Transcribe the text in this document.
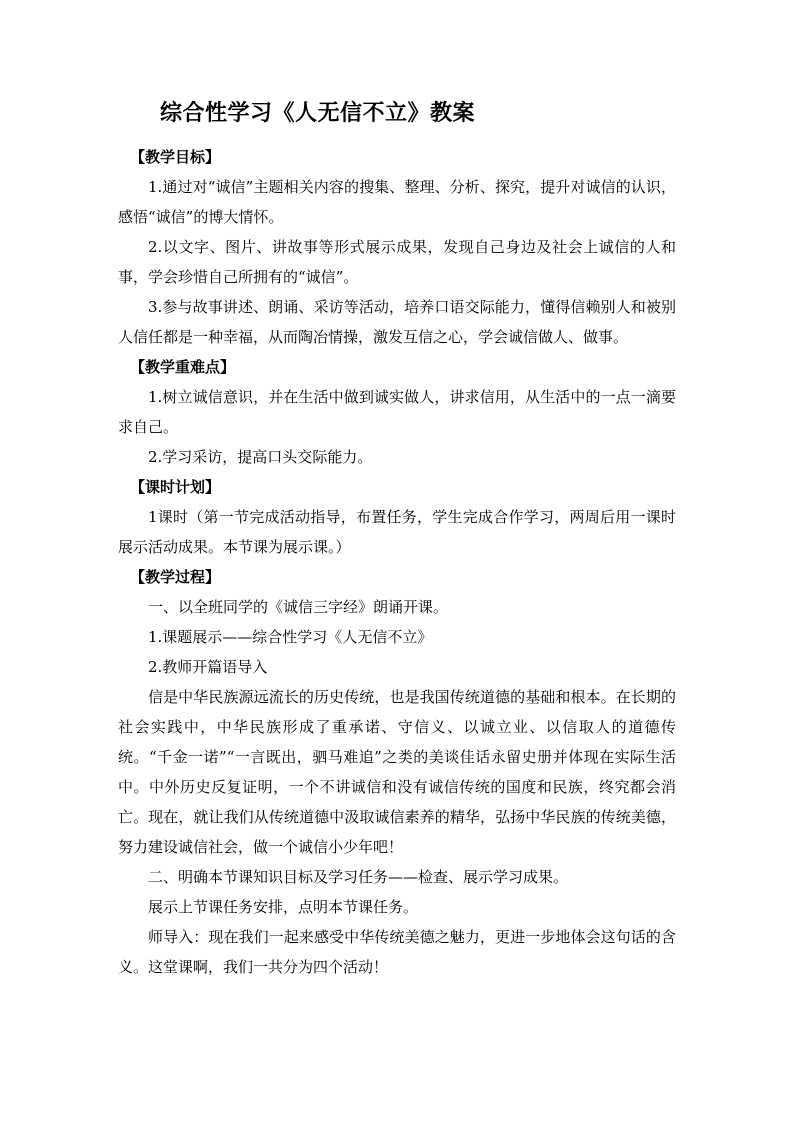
综合性学习《人无信不立》教案

【教学目标】

1.通过对“诚信”主题相关内容的搜集、整理、分析、探究，提升对诚信的认识，感悟“诚信”的博大情怀。

2.以文字、图片、讲故事等形式展示成果，发现自己身边及社会上诚信的人和事，学会珍惜自己所拥有的“诚信”。

3.参与故事讲述、朗诵、采访等活动，培养口语交际能力，懂得信赖别人和被别人信任都是一种幸福，从而陶冶情操，激发互信之心，学会诚信做人、做事。

【教学重难点】

1.树立诚信意识，并在生活中做到诚实做人，讲求信用，从生活中的一点一滴要求自己。

2.学习采访，提高口头交际能力。

【课时计划】

1课时（第一节完成活动指导，布置任务，学生完成合作学习，两周后用一课时展示活动成果。本节课为展示课。）

【教学过程】

一、以全班同学的《诚信三字经》朗诵开课。

1.课题展示——综合性学习《人无信不立》

2.教师开篇语导入

信是中华民族源远流长的历史传统，也是我国传统道德的基础和根本。在长期的社会实践中，中华民族形成了重承诺、守信义、以诚立业、以信取人的道德传统。“千金一诺”“一言既出，驷马难追”之类的美谈佳话永留史册并体现在实际生活中。中外历史反复证明，一个不讲诚信和没有诚信传统的国度和民族，终究都会消亡。现在，就让我们从传统道德中汲取诚信素养的精华，弘扬中华民族的传统美德，努力建设诚信社会，做一个诚信小少年吧！

二、明确本节课知识目标及学习任务——检查、展示学习成果。

展示上节课任务安排，点明本节课任务。

师导入：现在我们一起来感受中华传统美德之魅力，更进一步地体会这句话的含义。这堂课啊，我们一共分为四个活动！
